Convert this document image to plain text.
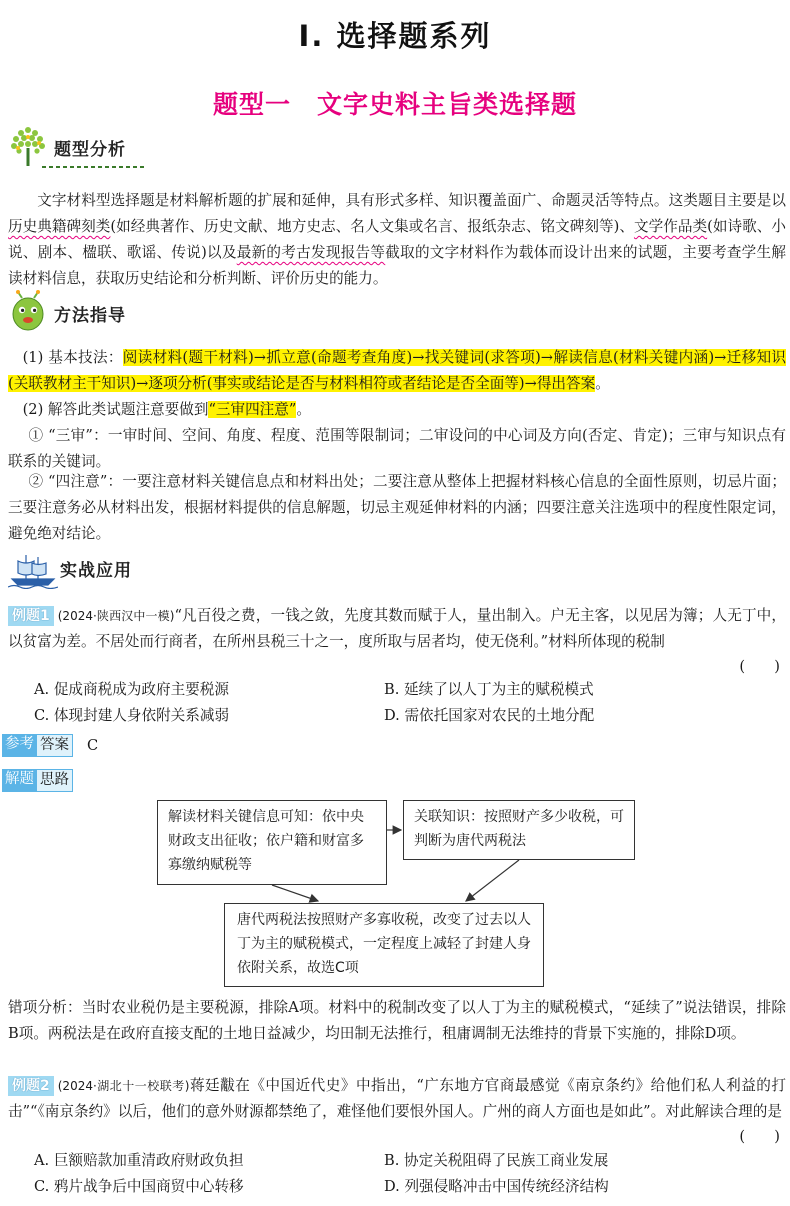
Ⅰ. 选择题系列
题型一　文字史料主旨类选择题
题型分析
文字材料型选择题是材料解析题的扩展和延伸，具有形式多样、知识覆盖面广、命题灵活等特点。这类题目主要是以历史典籍碑刻类(如经典著作、历史文献、地方史志、名人文集或名言、报纸杂志、铭文碑刻等)、文学作品类(如诗歌、小说、剧本、楹联、歌谣、传说)以及最新的考古发现报告等截取的文字材料作为载体而设计出来的试题，主要考查学生解读材料信息，获取历史结论和分析判断、评价历史的能力。
方法指导
(1) 基本技法：阅读材料(题干材料)→抓立意(命题考查角度)→找关键词(求答项)→解读信息(材料关键内涵)→迁移知识(关联教材主干知识)→逐项分析(事实或结论是否与材料相符或者结论是否全面等)→得出答案。
(2) 解答此类试题注意要做到“三审四注意”。
① “三审”：一审时间、空间、角度、程度、范围等限制词；二审设问的中心词及方向(否定、肯定)；三审与知识点有联系的关键词。
② “四注意”：一要注意材料关键信息点和材料出处；二要注意从整体上把握材料核心信息的全面性原则，切忌片面；三要注意务必从材料出发，根据材料提供的信息解题，切忌主观延伸材料的内涵；四要注意关注选项中的程度性限定词，避免绝对结论。
实战应用
例题1 (2024·陕西汉中一模)“凡百役之费，一钱之敛，先度其数而赋于人，量出制入。户无主客，以见居为簿；人无丁中，以贫富为差。不居处而行商者，在所州县税三十之一，度所取与居者均，使无侥利。”材料所体现的税制
(　　)
A. 促成商税成为政府主要税源	B. 延续了以人丁为主的赋税模式
C. 体现封建人身依附关系减弱	D. 需依托国家对农民的土地分配
参考 答案 C
解题 思路
解读材料关键信息可知：依中央财政支出征收；依户籍和财富多寡缴纳赋税等
关联知识：按照财产多少收税，可判断为唐代两税法
唐代两税法按照财产多寡收税，改变了过去以人丁为主的赋税模式，一定程度上减轻了封建人身依附关系，故选C项
错项分析：当时农业税仍是主要税源，排除A项。材料中的税制改变了以人丁为主的赋税模式，“延续了”说法错误，排除B项。两税法是在政府直接支配的土地日益减少，均田制无法推行，租庸调制无法维持的背景下实施的，排除D项。
例题2 (2024·湖北十一校联考)蒋廷黻在《中国近代史》中指出，“广东地方官商最感觉《南京条约》给他们私人利益的打击”“《南京条约》以后，他们的意外财源都禁绝了，难怪他们要恨外国人。广州的商人方面也是如此”。对此解读合理的是
(　　)
A. 巨额赔款加重清政府财政负担	B. 协定关税阻碍了民族工商业发展
C. 鸦片战争后中国商贸中心转移	D. 列强侵略冲击中国传统经济结构
